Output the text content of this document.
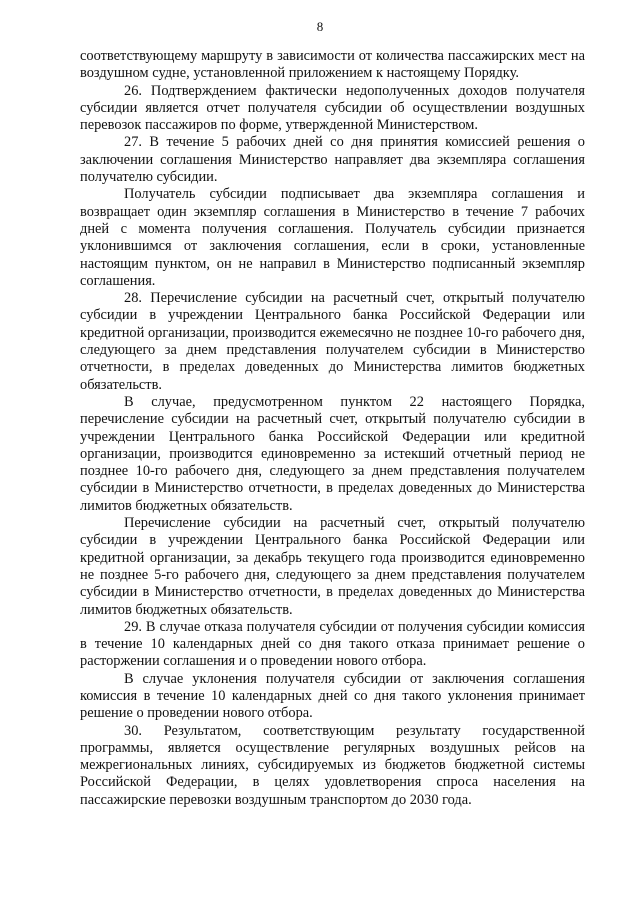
8

соответствующему маршруту в зависимости от количества пассажирских мест на воздушном судне, установленной приложением к настоящему Порядку.

26. Подтверждением фактически недополученных доходов получателя субсидии является отчет получателя субсидии об осуществлении воздушных перевозок пассажиров по форме, утвержденной Министерством.

27. В течение 5 рабочих дней со дня принятия комиссией решения о заключении соглашения Министерство направляет два экземпляра соглашения получателю субсидии.

Получатель субсидии подписывает два экземпляра соглашения и возвращает один экземпляр соглашения в Министерство в течение 7 рабочих дней с момента получения соглашения. Получатель субсидии признается уклонившимся от заключения соглашения, если в сроки, установленные настоящим пунктом, он не направил в Министерство подписанный экземпляр соглашения.

28. Перечисление субсидии на расчетный счет, открытый получателю субсидии в учреждении Центрального банка Российской Федерации или кредитной организации, производится ежемесячно не позднее 10-го рабочего дня, следующего за днем представления получателем субсидии в Министерство отчетности, в пределах доведенных до Министерства лимитов бюджетных обязательств.

В случае, предусмотренном пунктом 22 настоящего Порядка, перечисление субсидии на расчетный счет, открытый получателю субсидии в учреждении Центрального банка Российской Федерации или кредитной организации, производится единовременно за истекший отчетный период не позднее 10-го рабочего дня, следующего за днем представления получателем субсидии в Министерство отчетности, в пределах доведенных до Министерства лимитов бюджетных обязательств.

Перечисление субсидии на расчетный счет, открытый получателю субсидии в учреждении Центрального банка Российской Федерации или кредитной организации, за декабрь текущего года производится единовременно не позднее 5-го рабочего дня, следующего за днем представления получателем субсидии в Министерство отчетности, в пределах доведенных до Министерства лимитов бюджетных обязательств.

29. В случае отказа получателя субсидии от получения субсидии комиссия в течение 10 календарных дней со дня такого отказа принимает решение о расторжении соглашения и о проведении нового отбора.

В случае уклонения получателя субсидии от заключения соглашения комиссия в течение 10 календарных дней со дня такого уклонения принимает решение о проведении нового отбора.

30. Результатом, соответствующим результату государственной программы, является осуществление регулярных воздушных рейсов на межрегиональных линиях, субсидируемых из бюджетов бюджетной системы Российской Федерации, в целях удовлетворения спроса населения на пассажирские перевозки воздушным транспортом до 2030 года.
